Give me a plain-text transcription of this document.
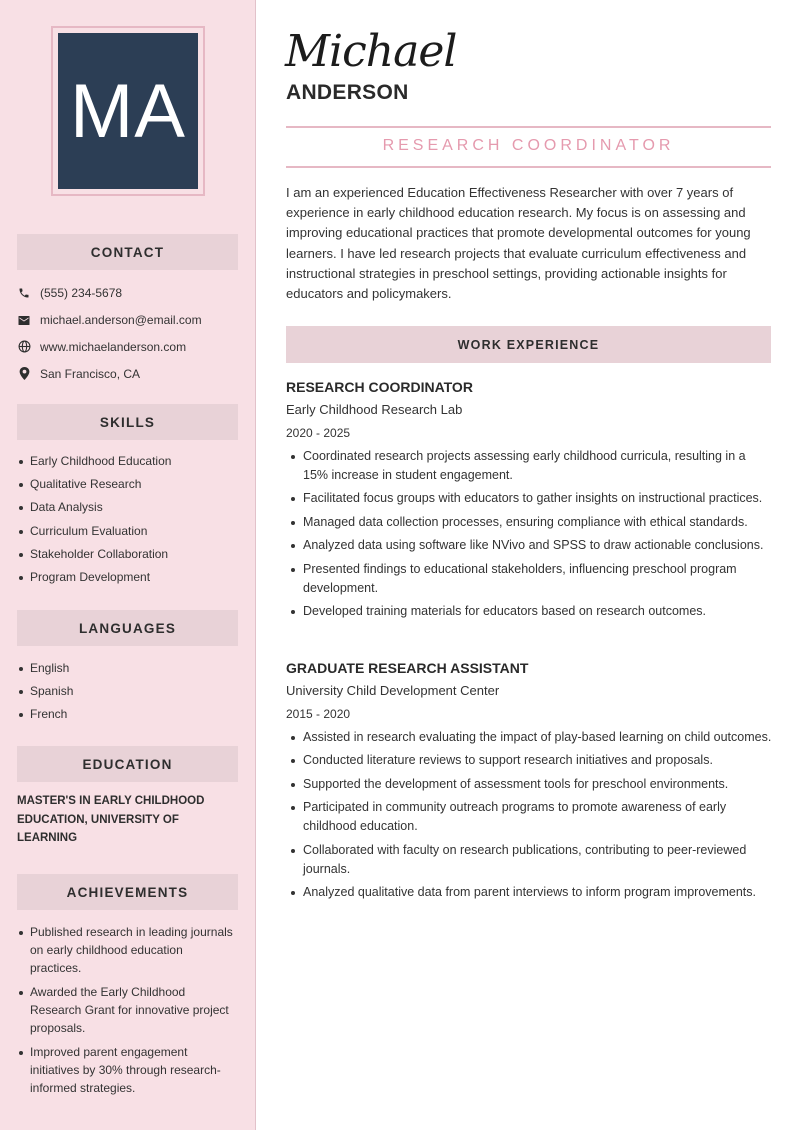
MA
CONTACT
(555) 234-5678
michael.anderson@email.com
www.michaelanderson.com
San Francisco, CA
SKILLS
Early Childhood Education
Qualitative Research
Data Analysis
Curriculum Evaluation
Stakeholder Collaboration
Program Development
LANGUAGES
English
Spanish
French
EDUCATION
MASTER'S IN EARLY CHILDHOOD EDUCATION, UNIVERSITY OF LEARNING
ACHIEVEMENTS
Published research in leading journals on early childhood education practices.
Awarded the Early Childhood Research Grant for innovative project proposals.
Improved parent engagement initiatives by 30% through research-informed strategies.
Michael
ANDERSON
RESEARCH COORDINATOR

I am an experienced Education Effectiveness Researcher with over 7 years of experience in early childhood education research. My focus is on assessing and improving educational practices that promote developmental outcomes for young learners. I have led research projects that evaluate curriculum effectiveness and instructional strategies in preschool settings, providing actionable insights for educators and policymakers.

WORK EXPERIENCE
RESEARCH COORDINATOR
Early Childhood Research Lab
2020 - 2025
Coordinated research projects assessing early childhood curricula, resulting in a 15% increase in student engagement.
Facilitated focus groups with educators to gather insights on instructional practices.
Managed data collection processes, ensuring compliance with ethical standards.
Analyzed data using software like NVivo and SPSS to draw actionable conclusions.
Presented findings to educational stakeholders, influencing preschool program development.
Developed training materials for educators based on research outcomes.
GRADUATE RESEARCH ASSISTANT
University Child Development Center
2015 - 2020
Assisted in research evaluating the impact of play-based learning on child outcomes.
Conducted literature reviews to support research initiatives and proposals.
Supported the development of assessment tools for preschool environments.
Participated in community outreach programs to promote awareness of early childhood education.
Collaborated with faculty on research publications, contributing to peer-reviewed journals.
Analyzed qualitative data from parent interviews to inform program improvements.
